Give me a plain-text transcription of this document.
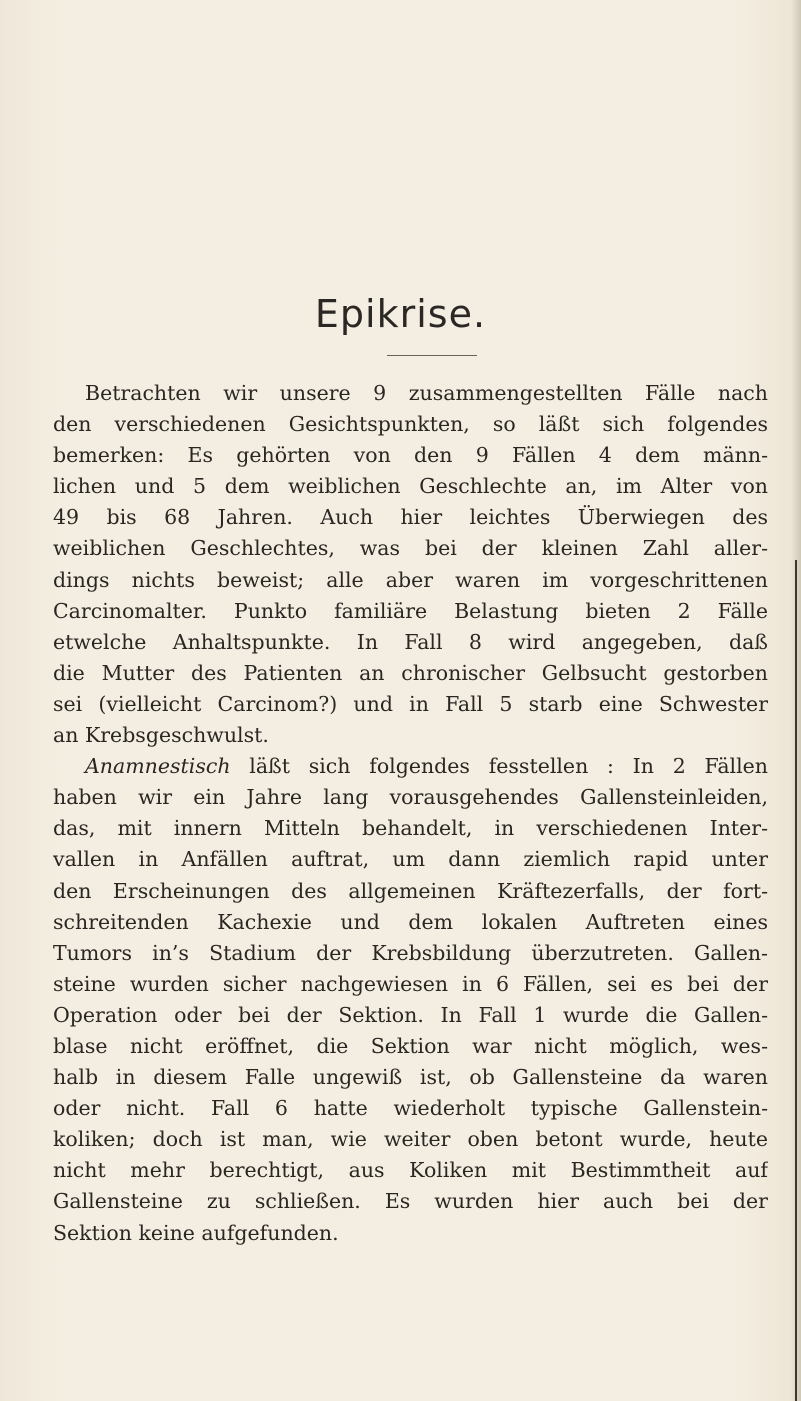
Epikrise.
Betrachten wir unsere 9 zusammengestellten Fälle nach
den verschiedenen Gesichtspunkten, so läßt sich folgendes
bemerken: Es gehörten von den 9 Fällen 4 dem männ-
lichen und 5 dem weiblichen Geschlechte an, im Alter von
49 bis 68 Jahren. Auch hier leichtes Überwiegen des
weiblichen Geschlechtes, was bei der kleinen Zahl aller-
dings nichts beweist; alle aber waren im vorgeschrittenen
Carcinomalter. Punkto familiäre Belastung bieten 2 Fälle
etwelche Anhaltspunkte. In Fall 8 wird angegeben, daß
die Mutter des Patienten an chronischer Gelbsucht gestorben
sei (vielleicht Carcinom?) und in Fall 5 starb eine Schwester
an Krebsgeschwulst.
Anamnestisch läßt sich folgendes fesstellen : In 2 Fällen
haben wir ein Jahre lang vorausgehendes Gallensteinleiden,
das, mit innern Mitteln behandelt, in verschiedenen Inter-
vallen in Anfällen auftrat, um dann ziemlich rapid unter
den Erscheinungen des allgemeinen Kräftezerfalls, der fort-
schreitenden Kachexie und dem lokalen Auftreten eines
Tumors in’s Stadium der Krebsbildung überzutreten. Gallen-
steine wurden sicher nachgewiesen in 6 Fällen, sei es bei der
Operation oder bei der Sektion. In Fall 1 wurde die Gallen-
blase nicht eröffnet, die Sektion war nicht möglich, wes-
halb in diesem Falle ungewiß ist, ob Gallensteine da waren
oder nicht. Fall 6 hatte wiederholt typische Gallenstein-
koliken; doch ist man, wie weiter oben betont wurde, heute
nicht mehr berechtigt, aus Koliken mit Bestimmtheit auf
Gallensteine zu schließen. Es wurden hier auch bei der
Sektion keine aufgefunden.
